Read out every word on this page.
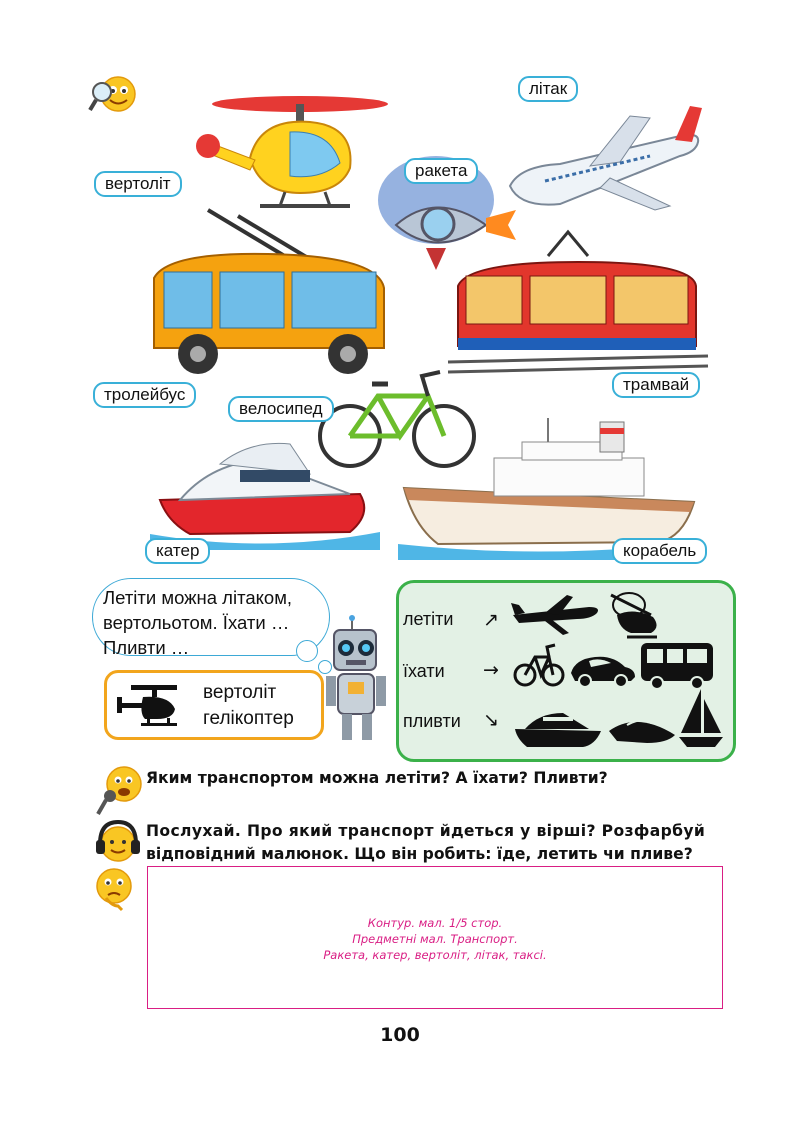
вертоліт
ракета
літак
тролейбус
трамвай
велосипед
катер	корабель
Летіти можна літаком,
вертольотом. Їхати …
Пливти …
вертоліт
гелікоптер
летіти ↗
їхати →
пливти ↘
Яким транспортом можна летіти? А їхати? Пливти?
Послухай. Про який транспорт йдеться у вірші? Розфарбуй
відповідний малюнок. Що він робить: їде, летить чи пливе?
Контур. мал. 1/5 стор.
Предметні мал. Транспорт.
Ракета, катер, вертоліт, літак, таксі.
100
